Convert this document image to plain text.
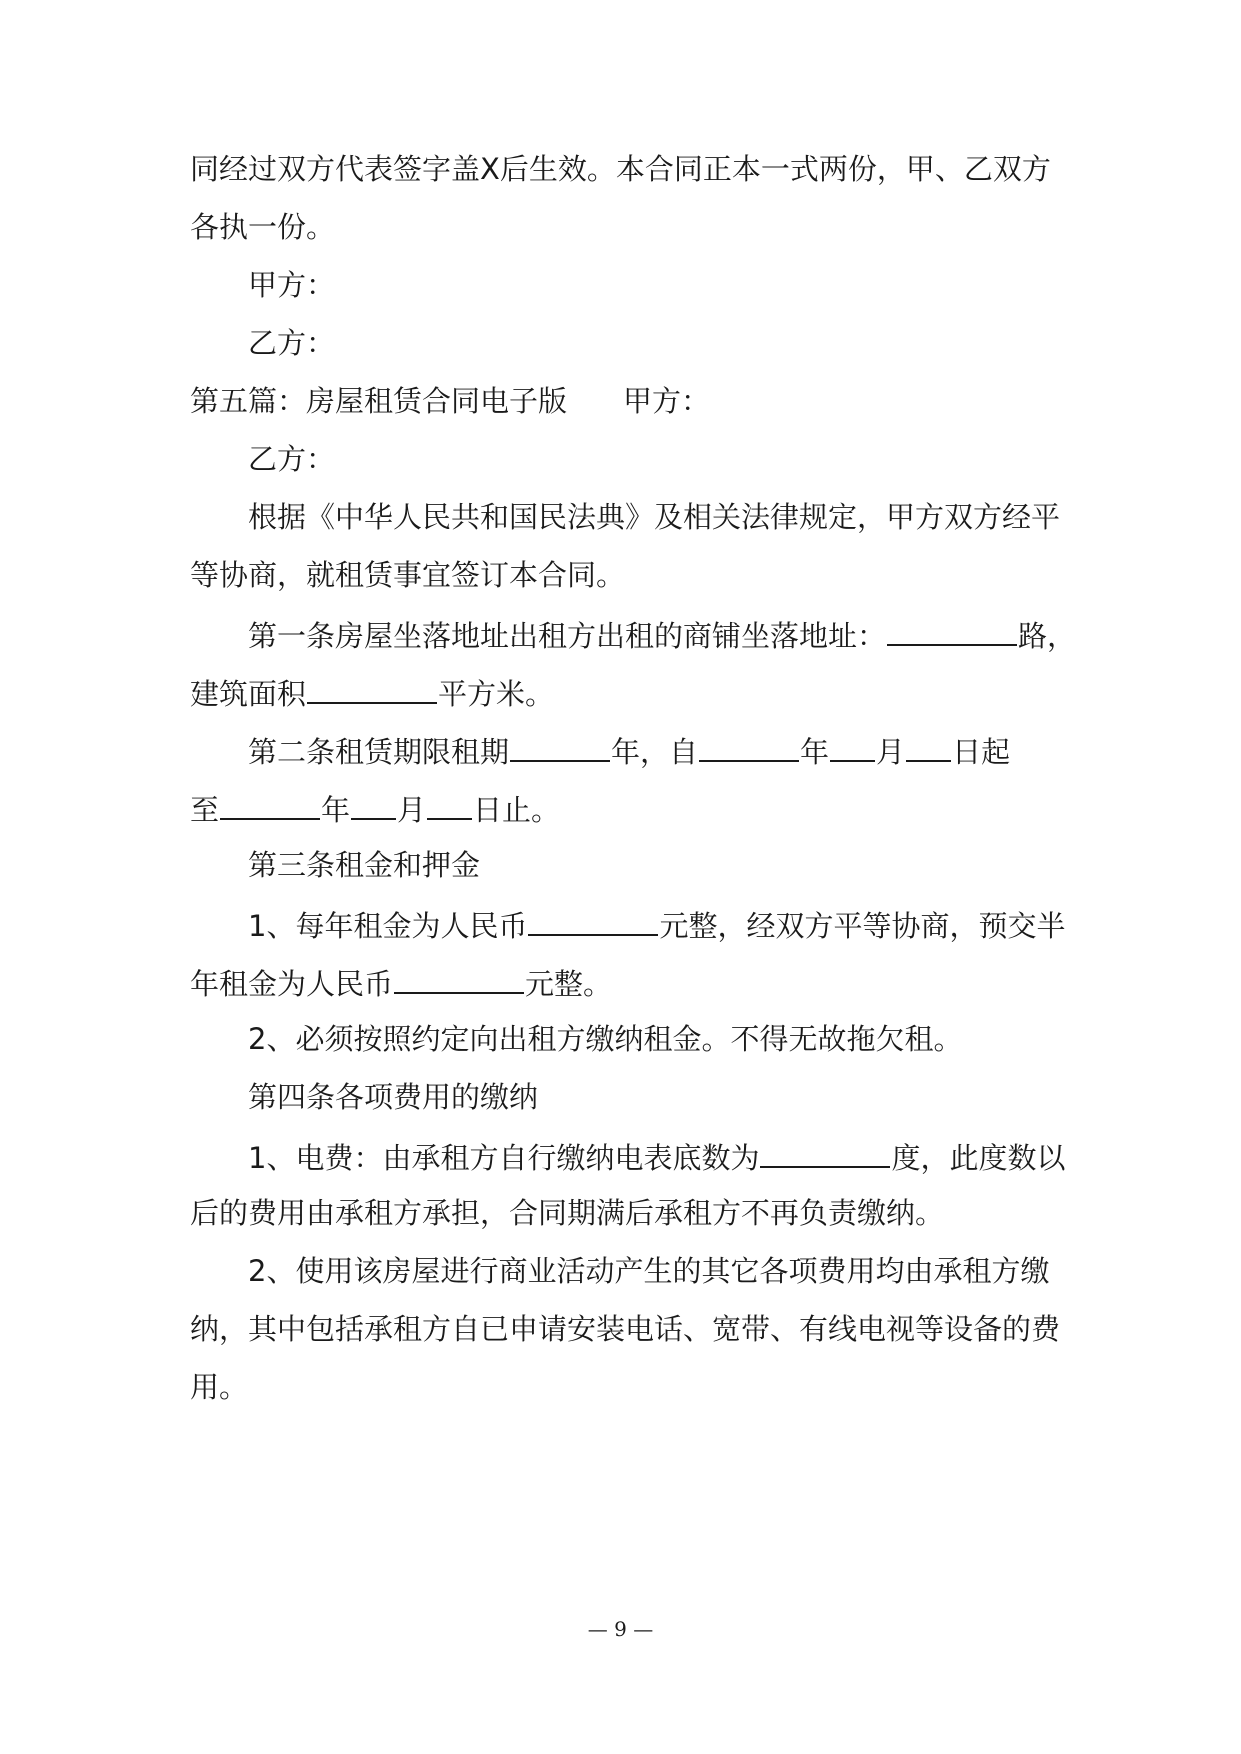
同经过双方代表签字盖X后生效。本合同正本一式两份，甲、乙双方
各执一份。
甲方：
乙方：
第五篇：房屋租赁合同电子版 甲方：
乙方：
根据《中华人民共和国民法典》及相关法律规定，甲方双方经平
等协商，就租赁事宜签订本合同。
第一条房屋坐落地址出租方出租的商铺坐落地址：	路，
建筑面积	平方米。
第二条租赁期限租期	年，自	年 月 日起
至	年 月 日止。
第三条租金和押金
1、每年租金为人民币	元整，经双方平等协商，预交半
年租金为人民币	元整。
2、必须按照约定向出租方缴纳租金。不得无故拖欠租。
第四条各项费用的缴纳
1、电费：由承租方自行缴纳电表底数为	度，此度数以
后的费用由承租方承担，合同期满后承租方不再负责缴纳。
2、使用该房屋进行商业活动产生的其它各项费用均由承租方缴
纳，其中包括承租方自已申请安装电话、宽带、有线电视等设备的费
用。
— 9 —
